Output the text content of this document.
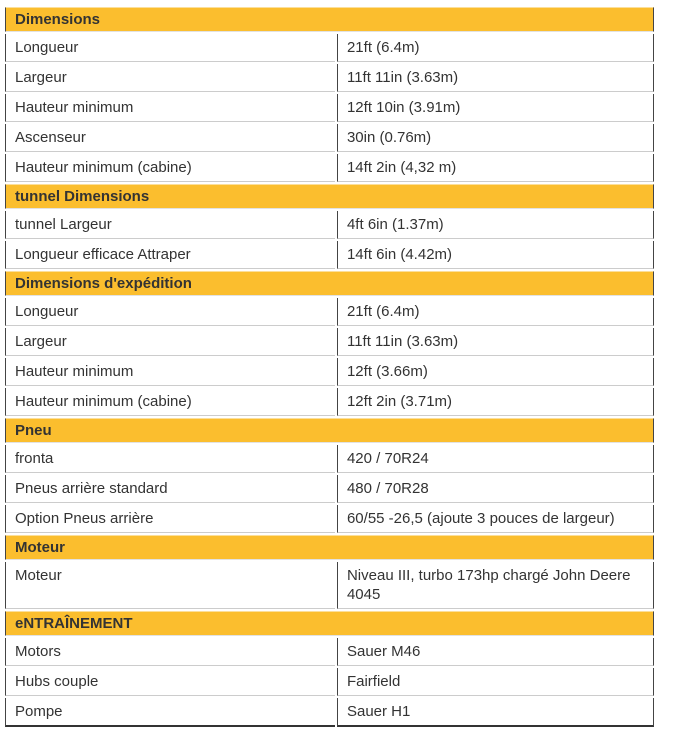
Dimensions	
Longueur	21ft (6.4m)
Largeur	11ft 11in (3.63m)
Hauteur minimum	12ft 10in (3.91m)
Ascenseur	30in (0.76m)
Hauteur minimum (cabine)	14ft 2in (4,32 m)
tunnel Dimensions	
tunnel Largeur	4ft 6in (1.37m)
Longueur efficace Attraper	14ft 6in (4.42m)
Dimensions d'expédition	
Longueur	21ft (6.4m)
Largeur	11ft 11in (3.63m)
Hauteur minimum	12ft (3.66m)
Hauteur minimum (cabine)	12ft 2in (3.71m)
Pneu	
fronta	420 / 70R24
Pneus arrière standard	480 / 70R28
Option Pneus arrière	60/55 -26,5 (ajoute 3 pouces de largeur)
Moteur	
Moteur	Niveau III, turbo 173hp chargé John Deere 4045
eNTRAÎNEMENT	
Motors	Sauer M46
Hubs couple	Fairfield
Pompe	Sauer H1
